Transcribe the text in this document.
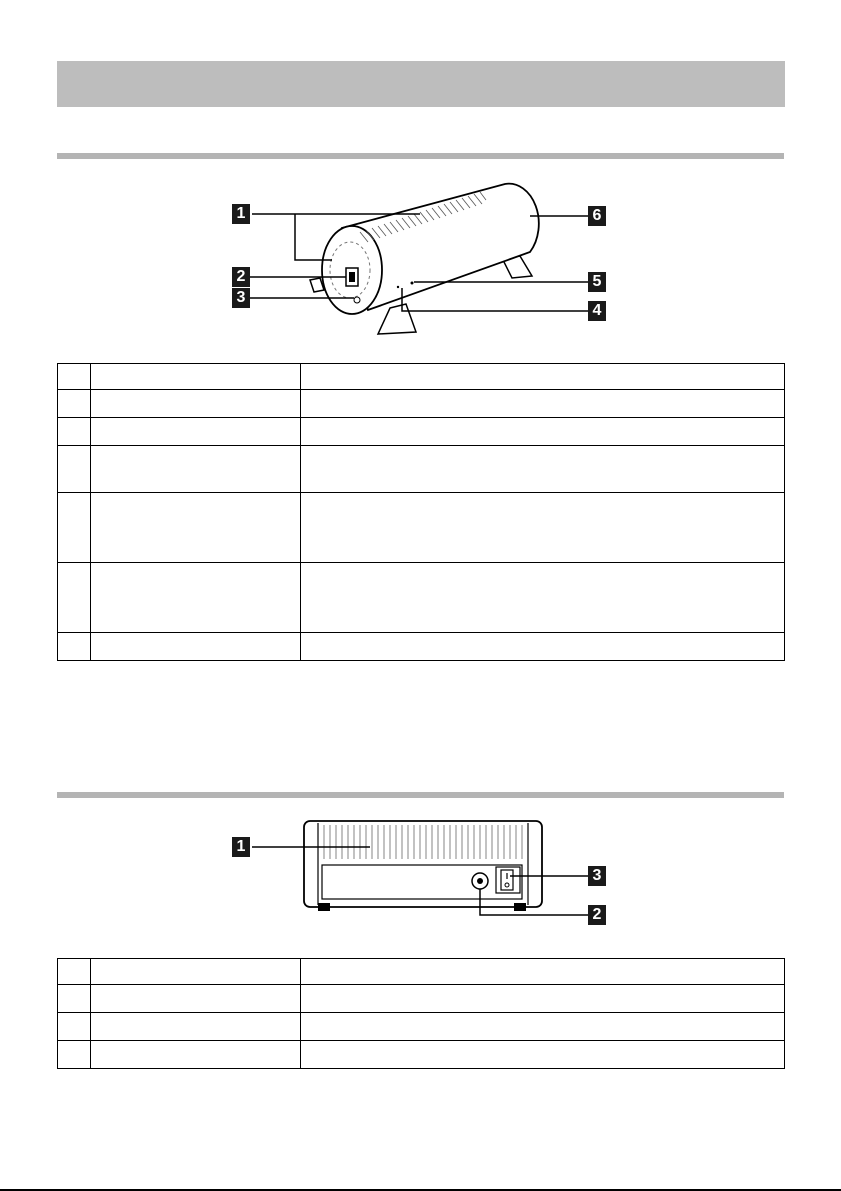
1
2
3
4
5
6

1
2
3
